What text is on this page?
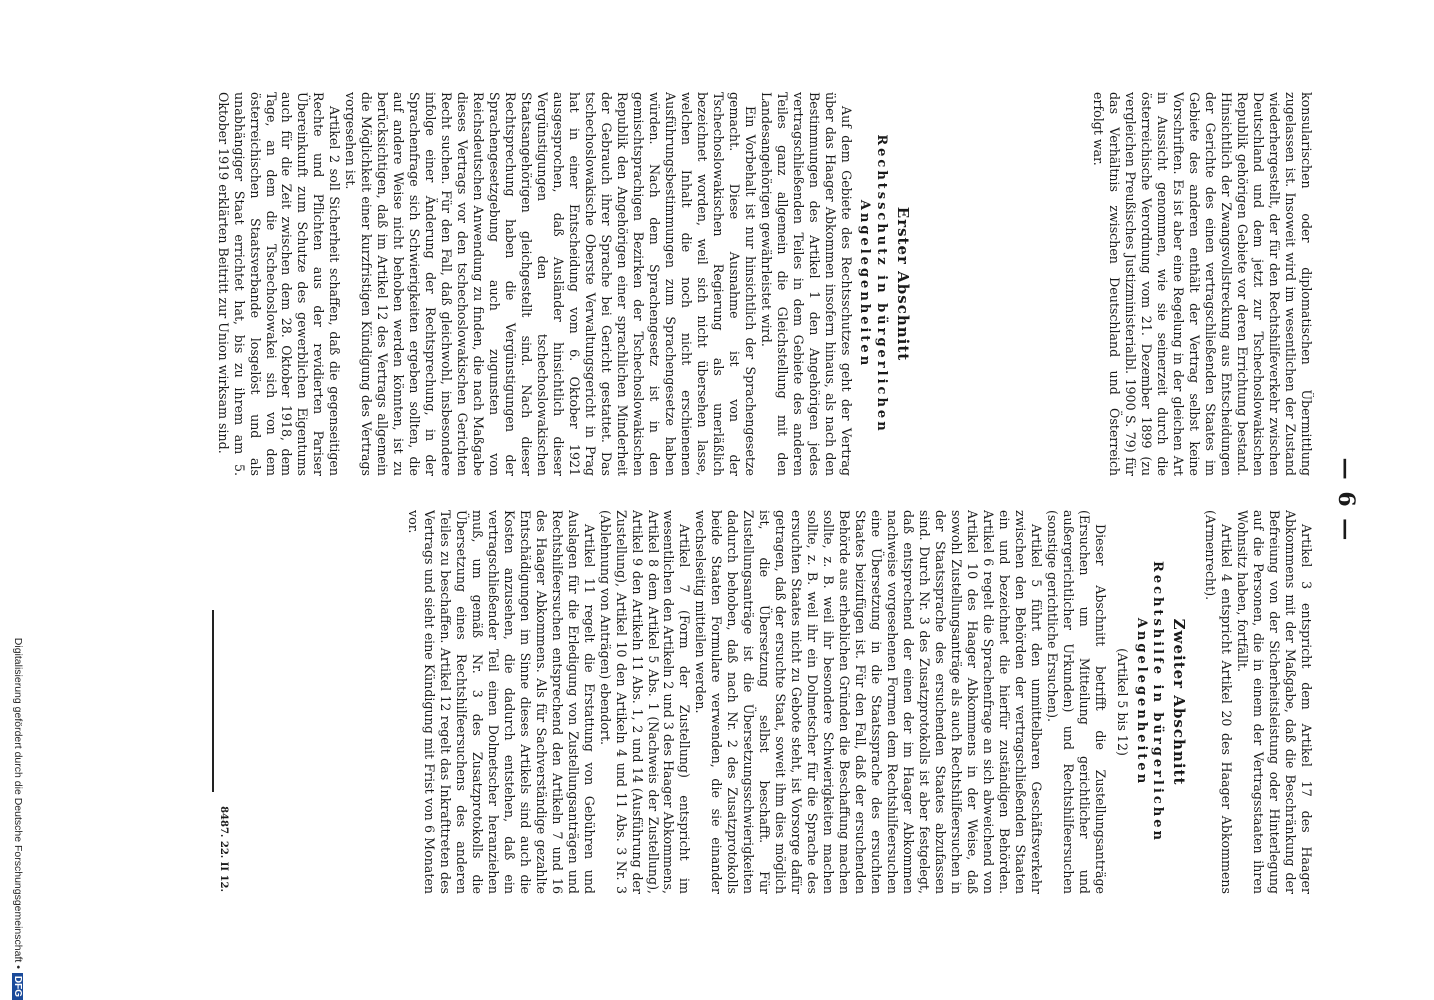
— 6 —

konsularischen oder diplomatischen Übermittlung zugelassen ist. Insoweit wird im wesentlichen der Zustand wiederhergestellt, der für den Rechtshilfeverkehr zwischen Deutschland und dem jetzt zur Tschechoslowakischen Republik gehörigen Gebiete vor deren Errichtung bestand. Hinsichtlich der Zwangsvollstreckung aus Entscheidungen der Gerichte des einen vertragschließenden Staates im Gebiete des anderen enthält der Vertrag selbst keine Vorschriften. Es ist aber eine Regelung in der gleichen Art in Aussicht genommen, wie sie seinerzeit durch die österreichische Verordnung vom 21. Dezember 1899 (zu vergleichen Preußisches Justizministerialbl. 1900 S. 79) für das Verhältnis zwischen Deutschland und Österreich erfolgt war.

Erster Abschnitt
Rechtsschutz in bürgerlichen Angelegenheiten

Auf dem Gebiete des Rechtsschutzes geht der Vertrag über das Haager Abkommen insofern hinaus, als nach den Bestimmungen des Artikel 1 den Angehörigen jedes vertragschließenden Teiles in dem Gebiete des anderen Teiles ganz allgemein die Gleichstellung mit den Landesangehörigen gewährleistet wird.

Ein Vorbehalt ist nur hinsichtlich der Sprachengesetze gemacht. Diese Ausnahme ist von der Tschechoslowakischen Regierung als unerläßlich bezeichnet worden, weil sich nicht übersehen lasse, welchen Inhalt die noch nicht erschienenen Ausführungsbestimmungen zum Sprachengesetze haben würden. Nach dem Sprachengesetz ist in den gemischtsprachigen Bezirken der Tschechoslowakischen Republik den Angehörigen einer sprachlichen Minderheit der Gebrauch ihrer Sprache bei Gericht gestattet. Das tschechoslowakische Oberste Verwaltungsgericht in Prag hat in einer Entscheidung vom 6. Oktober 1921 ausgesprochen, daß Ausländer hinsichtlich dieser Vergünstigungen den tschechoslowakischen Staatsangehörigen gleichgestellt sind. Nach dieser Rechtsprechung haben die Vergünstigungen der Sprachengesetzgebung auch zugunsten von Reichsdeutschen Anwendung zu finden, die nach Maßgabe dieses Vertrags vor den tschechoslowakischen Gerichten Recht suchen. Für den Fall, daß gleichwohl, insbesondere infolge einer Änderung der Rechtsprechung, in der Sprachenfrage sich Schwierigkeiten ergeben sollten, die auf andere Weise nicht behoben werden könnten, ist zu berücksichtigen, daß im Artikel 12 des Vertrags allgemein die Möglichkeit einer kurzfristigen Kündigung des Vertrags vorgesehen ist.

Artikel 2 soll Sicherheit schaffen, daß die gegenseitigen Rechte und Pflichten aus der revidierten Pariser Übereinkunft zum Schutze des gewerblichen Eigentums auch für die Zeit zwischen dem 28. Oktober 1918, dem Tage, an dem die Tschechoslowakei sich von dem österreichischen Staatsverbande losgelöst und als unabhängiger Staat errichtet hat, bis zu ihrem am 5. Oktober 1919 erklärten Beitritt zur Union wirksam sind.

Artikel 3 entspricht dem Artikel 17 des Haager Abkommens mit der Maßgabe, daß die Beschränkung der Befreiung von der Sicherheitsleistung oder Hinterlegung auf die Personen, die in einem der Vertragsstaaten ihren Wohnsitz haben, fortfällt.

Artikel 4 entspricht Artikel 20 des Haager Abkommens (Armenrecht).

Zweiter Abschnitt
Rechtshilfe in bürgerlichen Angelegenheiten
(Artikel 5 bis 12)

Dieser Abschnitt betrifft die Zustellungsanträge (Ersuchen um Mitteilung gerichtlicher und außergerichtlicher Urkunden) und Rechtshilfeersuchen (sonstige gerichtliche Ersuchen).

Artikel 5 führt den unmittelbaren Geschäftsverkehr zwischen den Behörden der vertragschließenden Staaten ein und bezeichnet die hierfür zuständigen Behörden. Artikel 6 regelt die Sprachenfrage an sich abweichend von Artikel 10 des Haager Abkommens in der Weise, daß sowohl Zustellungsanträge als auch Rechtshilfeersuchen in der Staatssprache des ersuchenden Staates abzufassen sind. Durch Nr. 3 des Zusatzprotokolls ist aber festgelegt, daß entsprechend der einen der im Haager Abkommen nachweise vorgesehenen Formen dem Rechtshilfeersuchen eine Übersetzung in die Staatssprache des ersuchten Staates beizufügen ist. Für den Fall, daß der ersuchenden Behörde aus erheblichen Gründen die Beschaffung machen sollte, z. B. weil ihr besondere Schwierigkeiten machen sollte, z. B. weil ihr ein Dolmetscher für die Sprache des ersuchten Staates nicht zu Gebote steht, ist Vorsorge dafür getragen, daß der ersuchte Staat, soweit ihm dies möglich ist, die Übersetzung selbst beschafft. Für Zustellungsanträge ist die Übersetzungsschwierigkeiten dadurch behoben, daß nach Nr. 2 des Zusatzprotokolls beide Staaten Formulare verwenden, die sie einander wechselseitig mitteilen werden.

Artikel 7 (Form der Zustellung) entspricht im wesentlichen den Artikeln 2 und 3 des Haager Abkommens, Artikel 8 dem Artikel 5 Abs. 1 (Nachweis der Zustellung), Artikel 9 den Artikeln 11 Abs. 1, 2 und 14 (Ausführung der Zustellung), Artikel 10 den Artikeln 4 und 11 Abs. 3 Nr. 3 (Ablehnung von Anträgen) ebendort.

Artikel 11 regelt die Erstattung von Gebühren und Auslagen für die Erledigung von Zustellungsanträgen und Rechtshilfeersuchen entsprechend den Artikeln 7 und 16 des Haager Abkommens. Als für Sachverständige gezahlte Entschädigungen im Sinne dieses Artikels sind auch die Kosten anzusehen, die dadurch entstehen, daß ein vertragschließender Teil einen Dolmetscher heranziehen muß, um gemäß Nr. 3 des Zusatzprotokolls die Übersetzung eines Rechtshilfeersuchens des anderen Teiles zu beschaffen. Artikel 12 regelt das Inkrafttreten des Vertrags und sieht eine Kündigung mit Frist von 6 Monaten vor.

8487. 22. II 12.
Digitalisierung gefördert durch die Deutsche Forschungsgemeinschaft •
DFG
